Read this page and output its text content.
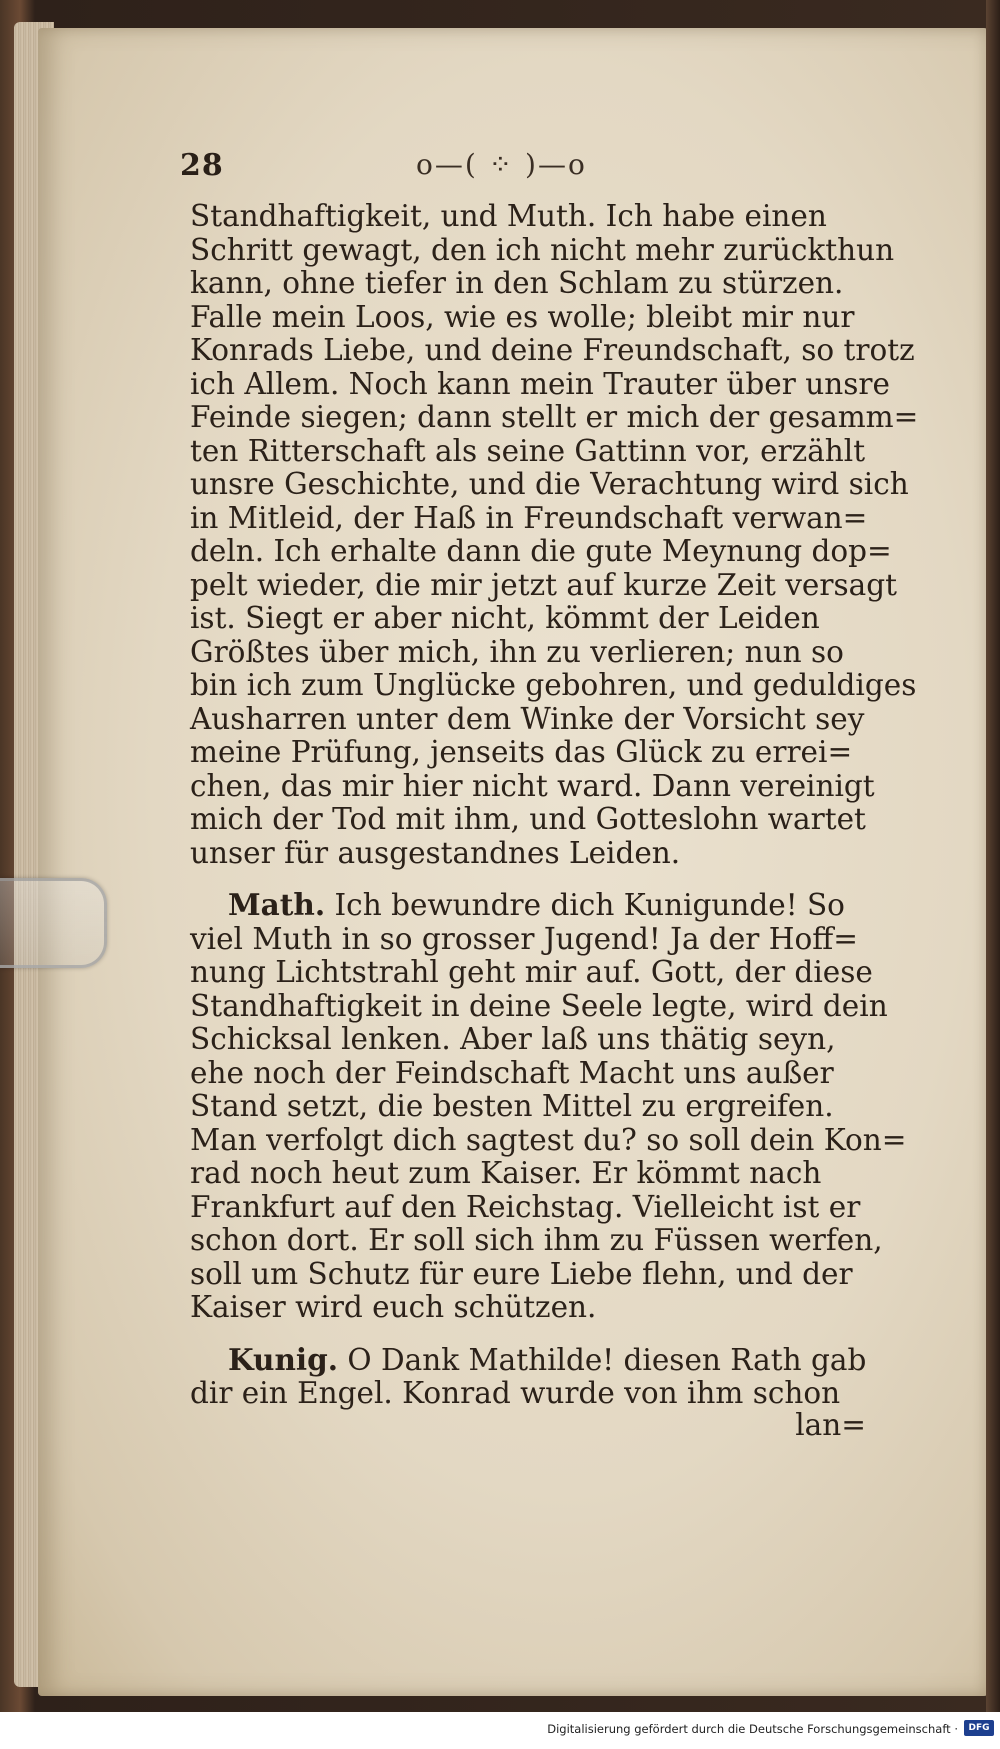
28	o—( ⁘ )—o
Standhaftigkeit, und Muth. Ich habe einen
Schritt gewagt, den ich nicht mehr zurückthun
kann, ohne tiefer in den Schlam zu stürzen.
Falle mein Loos, wie es wolle; bleibt mir nur
Konrads Liebe, und deine Freundschaft, so trotz
ich Allem. Noch kann mein Trauter über unsre
Feinde siegen; dann stellt er mich der gesamm=
ten Ritterschaft als seine Gattinn vor, erzählt
unsre Geschichte, und die Verachtung wird sich
in Mitleid, der Haß in Freundschaft verwan=
deln. Ich erhalte dann die gute Meynung dop=
pelt wieder, die mir jetzt auf kurze Zeit versagt
ist. Siegt er aber nicht, kömmt der Leiden
Größtes über mich, ihn zu verlieren; nun so
bin ich zum Unglücke gebohren, und geduldiges
Ausharren unter dem Winke der Vorsicht sey
meine Prüfung, jenseits das Glück zu errei=
chen, das mir hier nicht ward. Dann vereinigt
mich der Tod mit ihm, und Gotteslohn wartet
unser für ausgestandnes Leiden.
Math. Ich bewundre dich Kunigunde! So
viel Muth in so grosser Jugend! Ja der Hoff=
nung Lichtstrahl geht mir auf. Gott, der diese
Standhaftigkeit in deine Seele legte, wird dein
Schicksal lenken. Aber laß uns thätig seyn,
ehe noch der Feindschaft Macht uns außer
Stand setzt, die besten Mittel zu ergreifen.
Man verfolgt dich sagtest du? so soll dein Kon=
rad noch heut zum Kaiser. Er kömmt nach
Frankfurt auf den Reichstag. Vielleicht ist er
schon dort. Er soll sich ihm zu Füssen werfen,
soll um Schutz für eure Liebe flehn, und der
Kaiser wird euch schützen.
Kunig. O Dank Mathilde! diesen Rath gab
dir ein Engel. Konrad wurde von ihm schon
lan=
Digitalisierung gefördert durch die Deutsche Forschungsgemeinschaft ·	DFG
